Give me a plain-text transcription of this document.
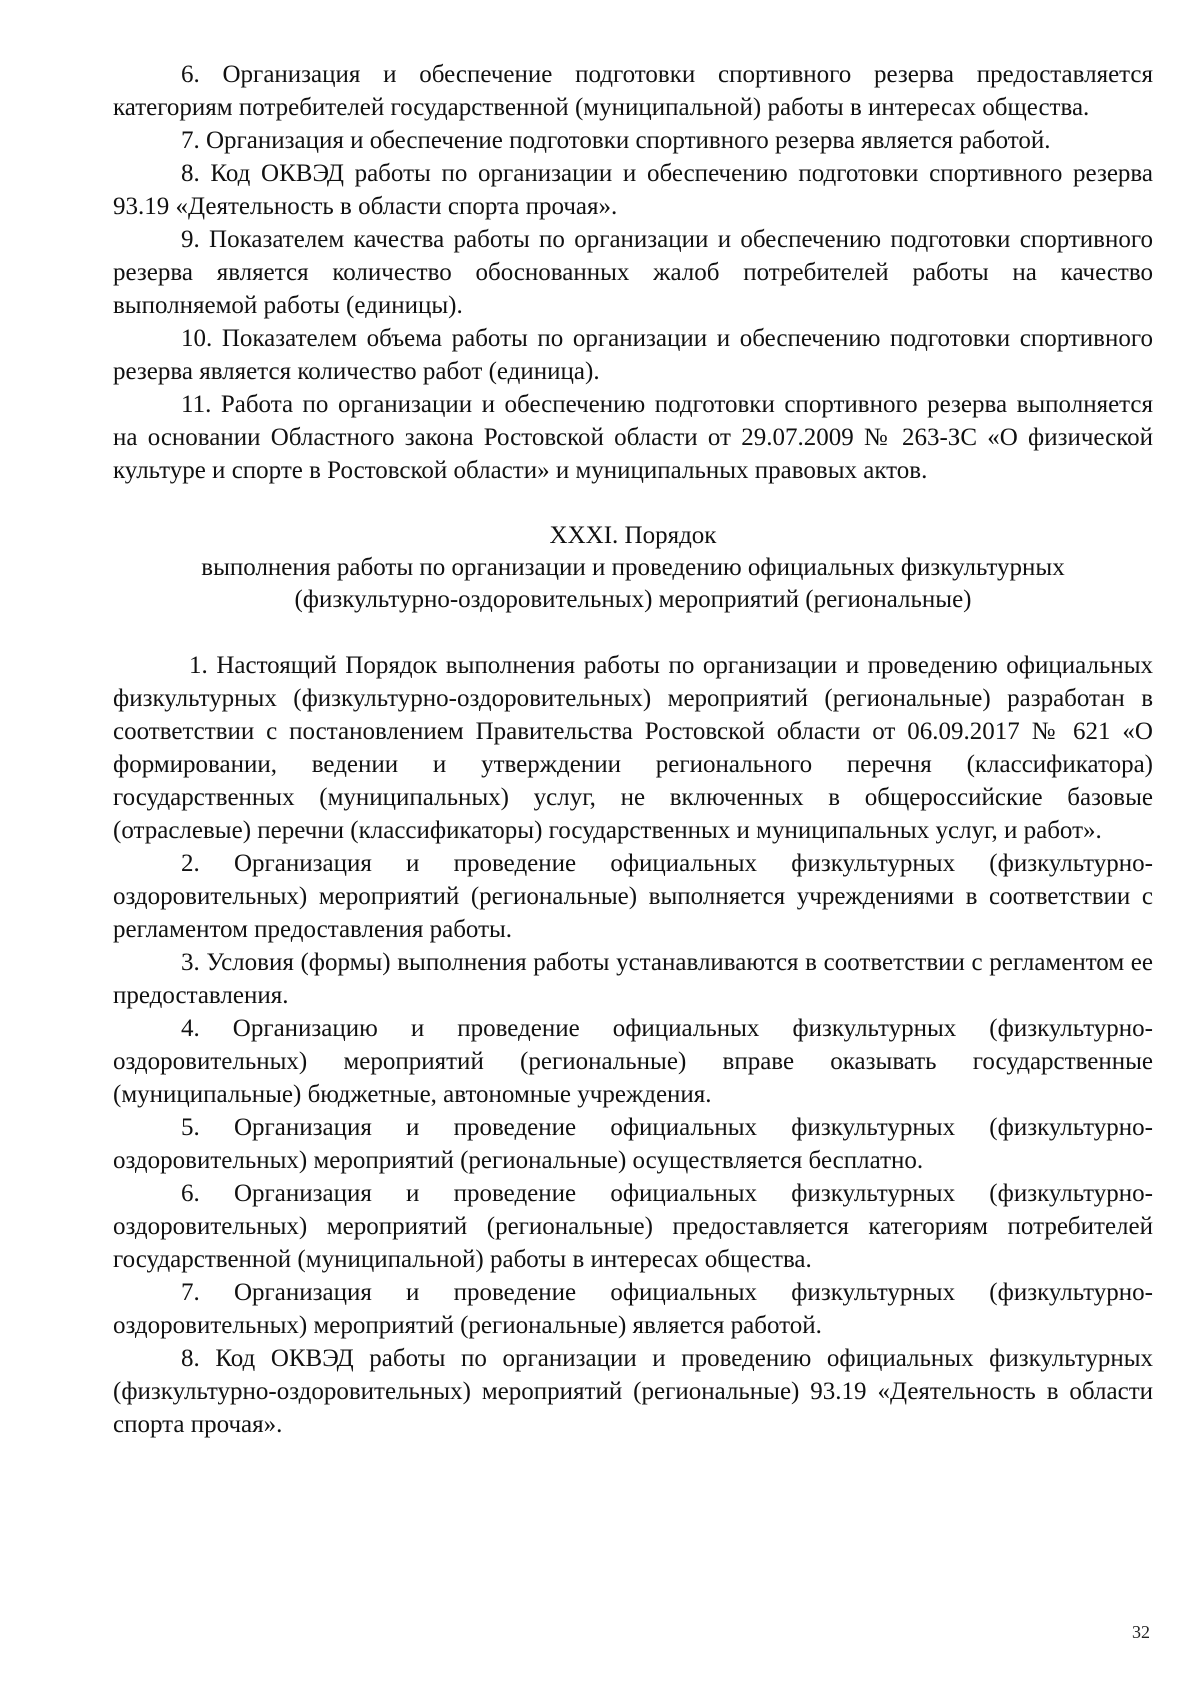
6. Организация и обеспечение подготовки спортивного резерва предоставляется категориям потребителей государственной (муниципальной) работы в интересах общества.

7. Организация и обеспечение подготовки спортивного резерва является работой.

8. Код ОКВЭД работы по организации и обеспечению подготовки спортивного резерва 93.19 «Деятельность в области спорта прочая».

9. Показателем качества работы по организации и обеспечению подготовки спортивного резерва является количество обоснованных жалоб потребителей работы на качество выполняемой работы (единицы).

10. Показателем объема работы по организации и обеспечению подготовки спортивного резерва является количество работ (единица).

11. Работа по организации и обеспечению подготовки спортивного резерва выполняется на основании Областного закона Ростовской области от 29.07.2009 № 263-ЗС «О физической культуре и спорте в Ростовской области» и муниципальных правовых актов.

XXXI. Порядок
выполнения работы по организации и проведению официальных физкультурных
(физкультурно-оздоровительных) мероприятий (региональные)

1. Настоящий Порядок выполнения работы по организации и проведению официальных физкультурных (физкультурно-оздоровительных) мероприятий (региональные) разработан в соответствии с постановлением Правительства Ростовской области от 06.09.2017 № 621 «О формировании, ведении и утверждении регионального перечня (классификатора) государственных (муниципальных) услуг, не включенных в общероссийские базовые (отраслевые) перечни (классификаторы) государственных и муниципальных услуг, и работ».

2. Организация и проведение официальных физкультурных (физкультурно-оздоровительных) мероприятий (региональные) выполняется учреждениями в соответствии с регламентом предоставления работы.

3. Условия (формы) выполнения работы устанавливаются в соответствии с регламентом ее предоставления.

4. Организацию и проведение официальных физкультурных (физкультурно-оздоровительных) мероприятий (региональные) вправе оказывать государственные (муниципальные) бюджетные, автономные учреждения.

5. Организация и проведение официальных физкультурных (физкультурно-оздоровительных) мероприятий (региональные) осуществляется бесплатно.

6. Организация и проведение официальных физкультурных (физкультурно-оздоровительных) мероприятий (региональные) предоставляется категориям потребителей государственной (муниципальной) работы в интересах общества.

7. Организация и проведение официальных физкультурных (физкультурно-оздоровительных) мероприятий (региональные) является работой.

8. Код ОКВЭД работы по организации и проведению официальных физкультурных (физкультурно-оздоровительных) мероприятий (региональные) 93.19 «Деятельность в области спорта прочая».

32
